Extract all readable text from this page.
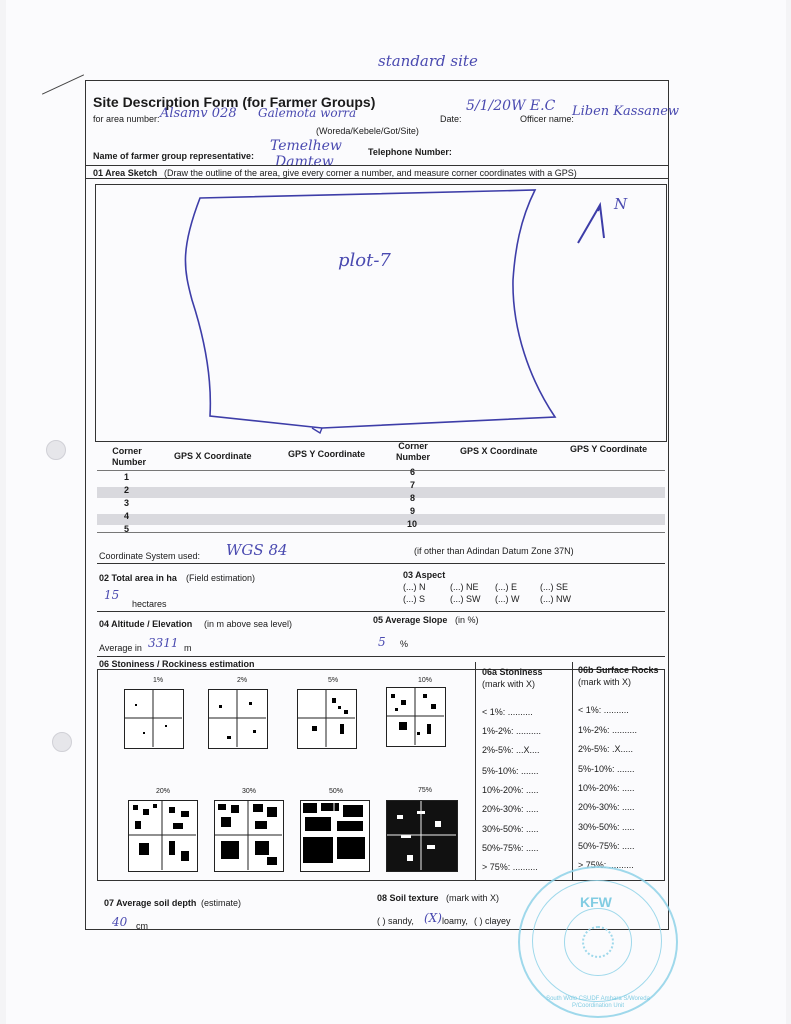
standard site
Site Description Form (for Farmer Groups)
for area number: Alsamv 028 Galemota worra
(Woreda/Kebele/Got/Site)
Date:
5/1/20W E.C
Officer name:
Liben Kassanew
Name of farmer group representative:
Temelhew
Damtew
Telephone Number:
01 Area Sketch (Draw the outline of the area, give every corner a number, and measure corner coordinates with a GPS)
plot-7
N
Corner Number
GPS X Coordinate	GPS Y Coordinate
Corner Number
GPS X Coordinate	GPS Y Coordinate
1
2
3
4
5
6
7
8
9
10
Coordinate System used: WGS 84	(if other than Adindan Datum Zone 37N)
02 Total area in ha (Field estimation)
15
hectares
03 Aspect
(...) N	(...) NE (...) E	(...) SE
(...) S	(...) SW (...) W (...) NW
04 Altitude / Elevation (in m above sea level)
Average in 3311 m
05 Average Slope (in %)
5 %
06 Stoniness / Rockiness estimation
06a Stoniness
(mark with X)
06b Surface Rocks
(mark with X)
< 1%: ..........
1%-2%: ..........
2%-5%: ...X....
5%-10%: .......
10%-20%: .....
20%-30%: .....
30%-50%: .....
50%-75%: .....
> 75%: ..........
< 1%: ..........
1%-2%: ..........
2%-5%: .X.....
5%-10%: .......
10%-20%: .....
20%-30%: .....
30%-50%: .....
50%-75%: .....
> 75%: ..........
1%	2%	5%	10%
20%	30%	50%	75%
07 Average soil depth (estimate)
40 cm
08 Soil texture (mark with X)
( ) sandy, (X) loamy, ( ) clayey
KFW
South Wolo CSUDF Amhara S/Woreda P/Coordination Unit
